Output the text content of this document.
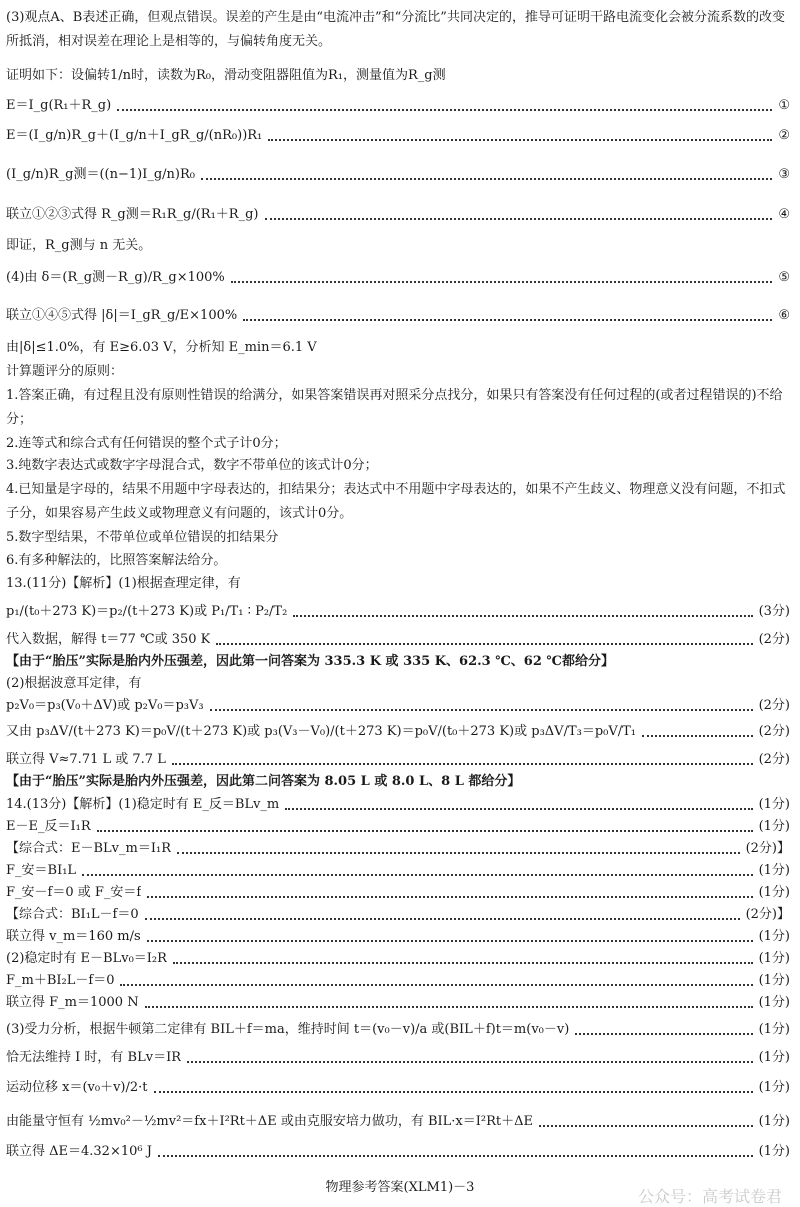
(3)观点A、B表述正确，但观点错误。误差的产生是由“电流冲击”和“分流比”共同决定的，推导可证明干路电流变化会被分流系数的改变所抵消，相对误差在理论上是相等的，与偏转角度无关。
证明如下：设偏转1/n时，读数为R₀，滑动变阻器阻值为R₁，测量值为R_g测
E＝I_g(R₁＋R_g)	①
E＝(I_g/n)R_g＋(I_g/n＋I_gR_g/(nR₀))R₁	②
(I_g/n)R_g测＝((n−1)I_g/n)R₀	③
联立①②③式得 R_g测＝R₁R_g/(R₁＋R_g)	④
即证，R_g测与 n 无关。
(4)由 δ＝(R_g测－R_g)/R_g×100%	⑤
联立①④⑤式得 |δ|＝I_gR_g/E×100%	⑥
由|δ|≤1.0%，有 E≥6.03 V，分析知 E_min＝6.1 V
计算题评分的原则：
1.答案正确，有过程且没有原则性错误的给满分，如果答案错误再对照采分点找分，如果只有答案没有任何过程的(或者过程错误的)不给分；
2.连等式和综合式有任何错误的整个式子计0分；
3.纯数字表达式或数字字母混合式，数字不带单位的该式计0分；
4.已知量是字母的，结果不用题中字母表达的，扣结果分；表达式中不用题中字母表达的，如果不产生歧义、物理意义没有问题，不扣式子分，如果容易产生歧义或物理意义有问题的，该式计0分。
5.数字型结果，不带单位或单位错误的扣结果分
6.有多种解法的，比照答案解法给分。
13.(11分)【解析】(1)根据查理定律，有
p₁/(t₀＋273 K)＝p₂/(t＋273 K)或 P₁/T₁ ∶ P₂/T₂	(3分)
代入数据，解得 t＝77 ℃或 350 K	(2分)
【由于“胎压”实际是胎内外压强差，因此第一问答案为 335.3 K 或 335 K、62.3 ℃、62 ℃都给分】
(2)根据波意耳定律，有
p₂V₀＝p₃(V₀＋ΔV)或 p₂V₀＝p₃V₃	(2分)
又由 p₃ΔV/(t＋273 K)＝p₀V/(t＋273 K)或 p₃(V₃－V₀)/(t＋273 K)＝p₀V/(t₀＋273 K)或 p₃ΔV/T₃＝p₀V/T₁	(2分)
联立得 V≈7.71 L 或 7.7 L	(2分)
【由于“胎压”实际是胎内外压强差，因此第二问答案为 8.05 L 或 8.0 L、8 L 都给分】
14.(13分)【解析】(1)稳定时有 E_反＝BLv_m	(1分)
E－E_反＝I₁R	(1分)
【综合式：E－BLv_m＝I₁R	(2分)】
F_安＝BI₁L	(1分)
F_安－f＝0 或 F_安＝f	(1分)
【综合式：BI₁L－f＝0	(2分)】
联立得 v_m＝160 m/s	(1分)
(2)稳定时有 E－BLv₀＝I₂R	(1分)
F_m＋BI₂L－f＝0	(1分)
联立得 F_m＝1000 N	(1分)
(3)受力分析，根据牛顿第二定律有 BIL＋f＝ma，维持时间 t＝(v₀－v)/a 或(BIL＋f)t＝m(v₀－v)	(1分)
恰无法维持 I 时，有 BLv＝IR	(1分)
运动位移 x＝(v₀＋v)/2·t	(1分)
由能量守恒有 ½mv₀²－½mv²＝fx＋I²Rt＋ΔE 或由克服安培力做功，有 BIL·x＝I²Rt＋ΔE	(1分)
联立得 ΔE＝4.32×10⁶ J	(1分)
物理参考答案(XLM1)－3	公众号：高考试卷君
